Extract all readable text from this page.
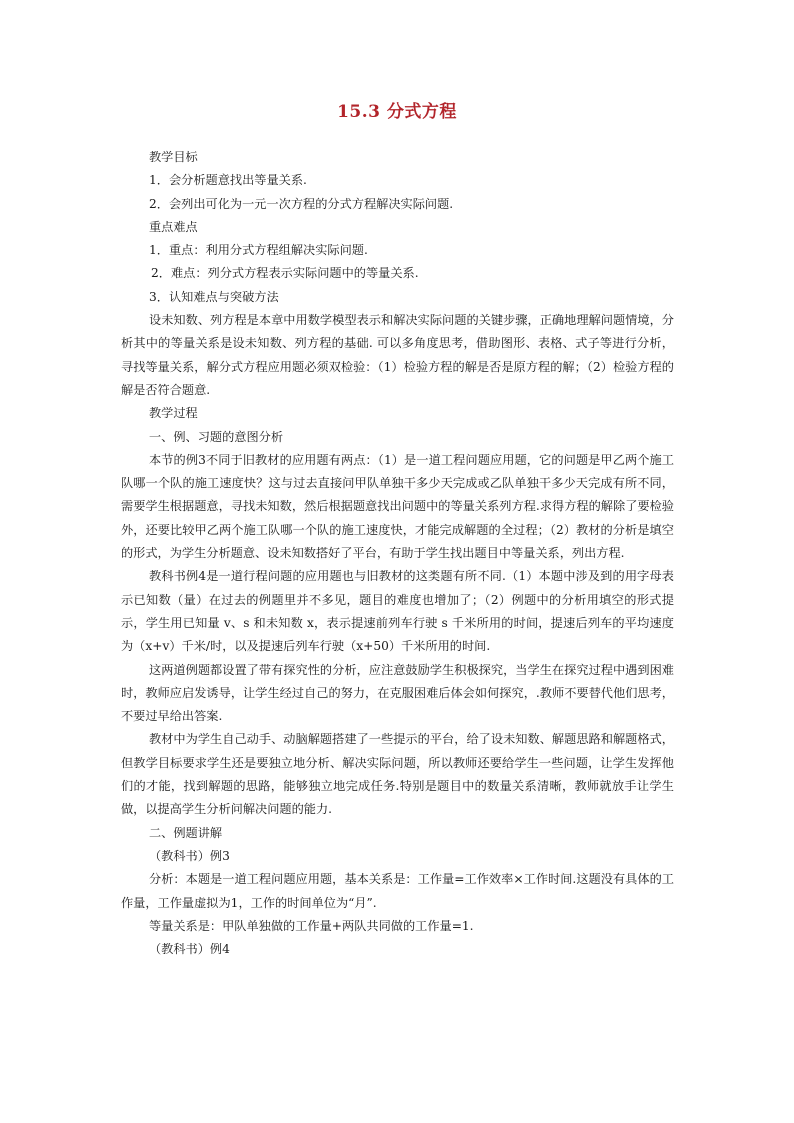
15.3 分式方程

教学目标

1．会分析题意找出等量关系.

2．会列出可化为一元一次方程的分式方程解决实际问题.

重点难点

1．重点：利用分式方程组解决实际问题.

2．难点：列分式方程表示实际问题中的等量关系.

3．认知难点与突破方法

设未知数、列方程是本章中用数学模型表示和解决实际问题的关键步骤，正确地理解问题情境，分析其中的等量关系是设未知数、列方程的基础. 可以多角度思考，借助图形、表格、式子等进行分析，寻找等量关系，解分式方程应用题必须双检验：（1）检验方程的解是否是原方程的解；（2）检验方程的解是否符合题意.

教学过程

一、例、习题的意图分析

本节的例3不同于旧教材的应用题有两点：（1）是一道工程问题应用题，它的问题是甲乙两个施工队哪一个队的施工速度快？这与过去直接问甲队单独干多少天完成或乙队单独干多少天完成有所不同，需要学生根据题意，寻找未知数，然后根据题意找出问题中的等量关系列方程.求得方程的解除了要检验外，还要比较甲乙两个施工队哪一个队的施工速度快，才能完成解题的全过程；（2）教材的分析是填空的形式，为学生分析题意、设未知数搭好了平台，有助于学生找出题目中等量关系，列出方程.

教科书例4是一道行程问题的应用题也与旧教材的这类题有所不同.（1）本题中涉及到的用字母表示已知数（量）在过去的例题里并不多见，题目的难度也增加了；（2）例题中的分析用填空的形式提示，学生用已知量 v、s 和未知数 x，表示提速前列车行驶 s 千米所用的时间，提速后列车的平均速度为（x+v）千米/时，以及提速后列车行驶（x+50）千米所用的时间.

这两道例题都设置了带有探究性的分析，应注意鼓励学生积极探究，当学生在探究过程中遇到困难时，教师应启发诱导，让学生经过自己的努力，在克服困难后体会如何探究，.教师不要替代他们思考，不要过早给出答案.

教材中为学生自己动手、动脑解题搭建了一些提示的平台，给了设未知数、解题思路和解题格式，但教学目标要求学生还是要独立地分析、解决实际问题，所以教师还要给学生一些问题，让学生发挥他们的才能，找到解题的思路，能够独立地完成任务.特别是题目中的数量关系清晰，教师就放手让学生做，以提高学生分析问解决问题的能力.

二、例题讲解

（教科书）例3

分析：本题是一道工程问题应用题，基本关系是：工作量=工作效率×工作时间.这题没有具体的工作量，工作量虚拟为1，工作的时间单位为“月”.

等量关系是：甲队单独做的工作量+两队共同做的工作量=1.

（教科书）例4
